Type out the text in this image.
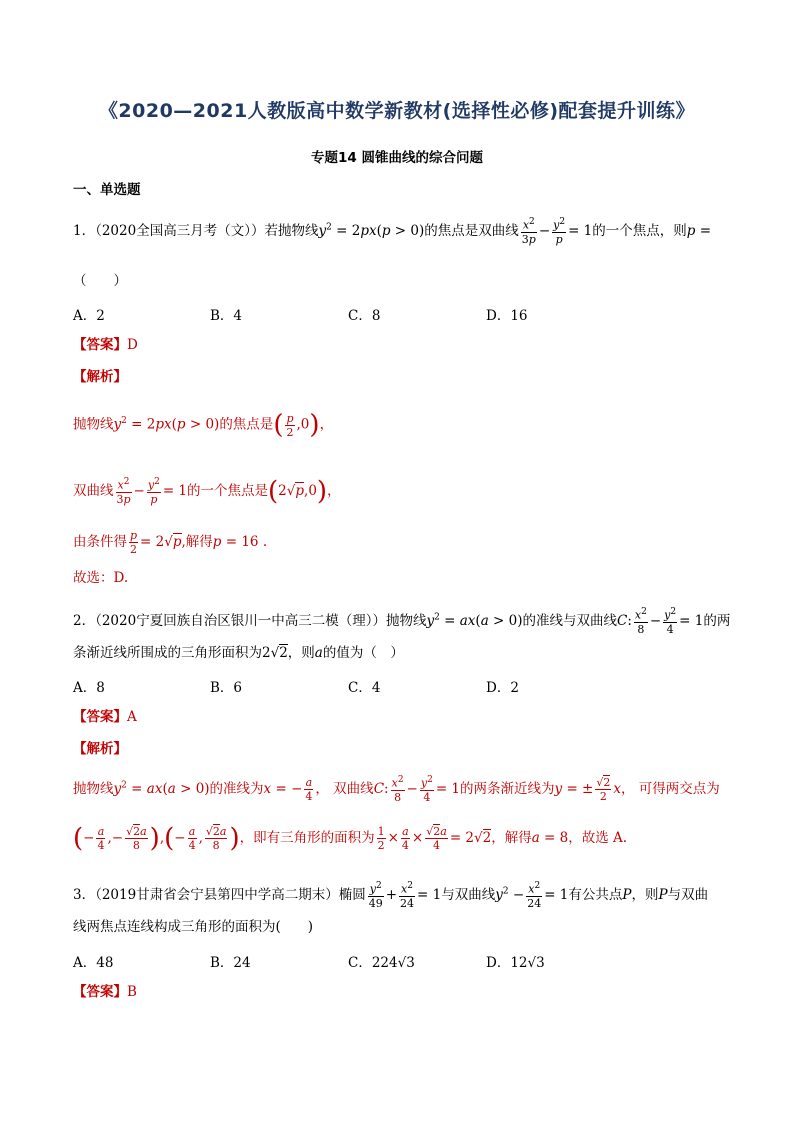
《2020—2021人教版高中数学新教材(选择性必修)配套提升训练》
专题14 圆锥曲线的综合问题
一、单选题
1．（2020全国高三月考（文））若抛物线$y^2 = 2px(p > 0)$的焦点是双曲线 $\frac{x^2}{3p} - \frac{y^2}{p} = 1$的一个焦点，则p =
（　　）
A．2	B．4	C．8	D．16
【答案】D
【解析】
抛物线$y^2 = 2px(p > 0)$的焦点是( $\frac{p}{2} ,0$)，
双曲线 $\frac{x^2}{3p} - \frac{y^2}{p} = 1$的一个焦点是(2√p,0)，
由条件得 $\frac{p}{2} = 2√p$,解得p = 16 .
故选：D.
2．（2020宁夏回族自治区银川一中高三二模（理））抛物线$y^2 = ax(a > 0)$的准线与双曲线C: $\frac{x^2}{8} - \frac{y^2}{4} = 1$的两
条渐近线所围成的三角形面积为2√2，则a的值为（　）
A．8	B．6	C．4	D．2
【答案】A
【解析】
抛物线$y^2 = ax(a > 0)$的准线为x = − $\frac{a}{4}$ ， 双曲线C: $\frac{x^2}{8} - \frac{y^2}{4} = 1$的两条渐近线为y = ± $\frac{√2}{2}$ x， 可得两交点为
(− $\frac{a}{4}$ ,− $\frac{√2a}{8}$ ),(− $\frac{a}{4}$ , $\frac{√2a}{8}$ )，即有三角形的面积为 $\frac{1}{2} \times \frac{a}{4} \times \frac{√2a}{4} = 2√2$，解得a = 8，故选 A.
3．（2019甘肃省会宁县第四中学高二期末）椭圆 $\frac{y^2}{49} + \frac{x^2}{24} = 1$与双曲线$y^2 - \frac{x^2}{24} = 1$有公共点P，则P与双曲
线两焦点连线构成三角形的面积为(　　)
A．48	B．24	C．224√3	D．12√3
【答案】B
